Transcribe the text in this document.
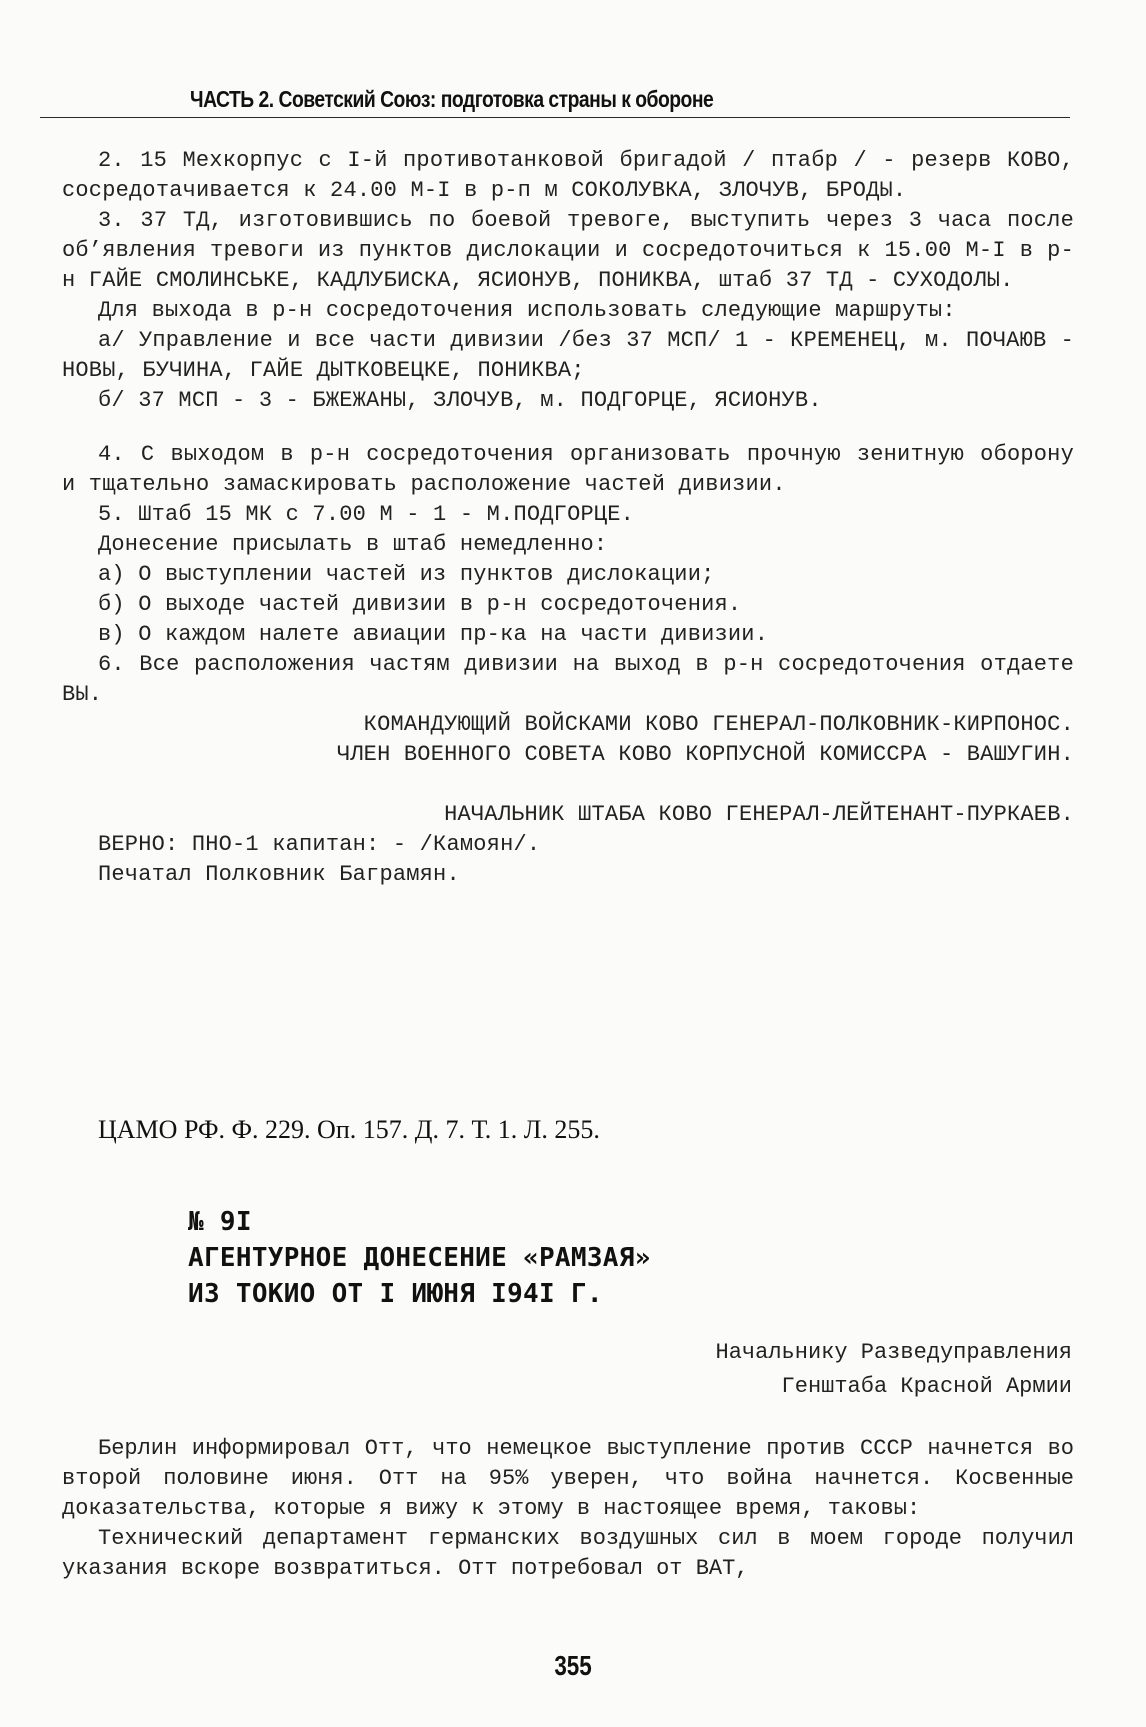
ЧАСТЬ 2. Советский Союз: подготовка страны к обороне

2. 15 Мехкорпус с I-й противотанковой бригадой / птабр / - резерв КОВО, сосредотачивается к 24.00 М-I в р-п м СОКОЛУВКА, ЗЛОЧУВ, БРОДЫ.

3. 37 ТД, изготовившись по боевой тревоге, выступить через 3 часа после об’явления тревоги из пунктов дислокации и сосредоточиться к 15.00 М-I в р-н ГАЙЕ СМОЛИНСЬКЕ, КАДЛУБИСКА, ЯСИОНУВ, ПОНИКВА, штаб 37 ТД - СУХОДОЛЫ.

Для выхода в р-н сосредоточения использовать следующие маршруты:

а/ Управление и все части дивизии /без 37 МСП/ 1 - КРЕМЕНЕЦ, м. ПОЧАЮВ - НОВЫ, БУЧИНА, ГАЙЕ ДЫТКОВЕЦКЕ, ПОНИКВА;

б/ 37 МСП - 3 - БЖЕЖАНЫ, ЗЛОЧУВ, м. ПОДГОРЦЕ, ЯСИОНУВ.

4. С выходом в р-н сосредоточения организовать прочную зенитную оборону и тщательно замаскировать расположение частей дивизии.

5. Штаб 15 МК с 7.00 М - 1 - М.ПОДГОРЦЕ.

Донесение присылать в штаб немедленно:

а) О выступлении частей из пунктов дислокации;

б) О выходе частей дивизии в р-н сосредоточения.

в) О каждом налете авиации пр-ка на части дивизии.

6. Все расположения частям дивизии на выход в р-н сосредоточения отдаете ВЫ.

КОМАНДУЮЩИЙ ВОЙСКАМИ КОВО ГЕНЕРАЛ-ПОЛКОВНИК-КИРПОНОС.

ЧЛЕН ВОЕННОГО СОВЕТА КОВО КОРПУСНОЙ КОМИССРА - ВАШУГИН.

НАЧАЛЬНИК ШТАБА КОВО ГЕНЕРАЛ-ЛЕЙТЕНАНТ-ПУРКАЕВ.

ВЕРНО: ПНО-1 капитан: - /Камоян/.

Печатал Полковник Баграмян.

ЦАМО РФ. Ф. 229. Оп. 157. Д. 7. Т. 1. Л. 255.
№ 9I
АГЕНТУРНОЕ ДОНЕСЕНИЕ «РАМЗАЯ»
ИЗ ТОКИО ОТ I ИЮНЯ I94I Г.
Начальнику Разведуправления
Генштаба Красной Армии

Берлин информировал Отт, что немецкое выступление против СССР начнется во второй половине июня. Отт на 95% уверен, что война начнется. Косвенные доказательства, которые я вижу к этому в настоящее время, таковы:

Технический департамент германских воздушных сил в моем городе получил указания вскоре возвратиться. Отт потребовал от ВАТ,

355
